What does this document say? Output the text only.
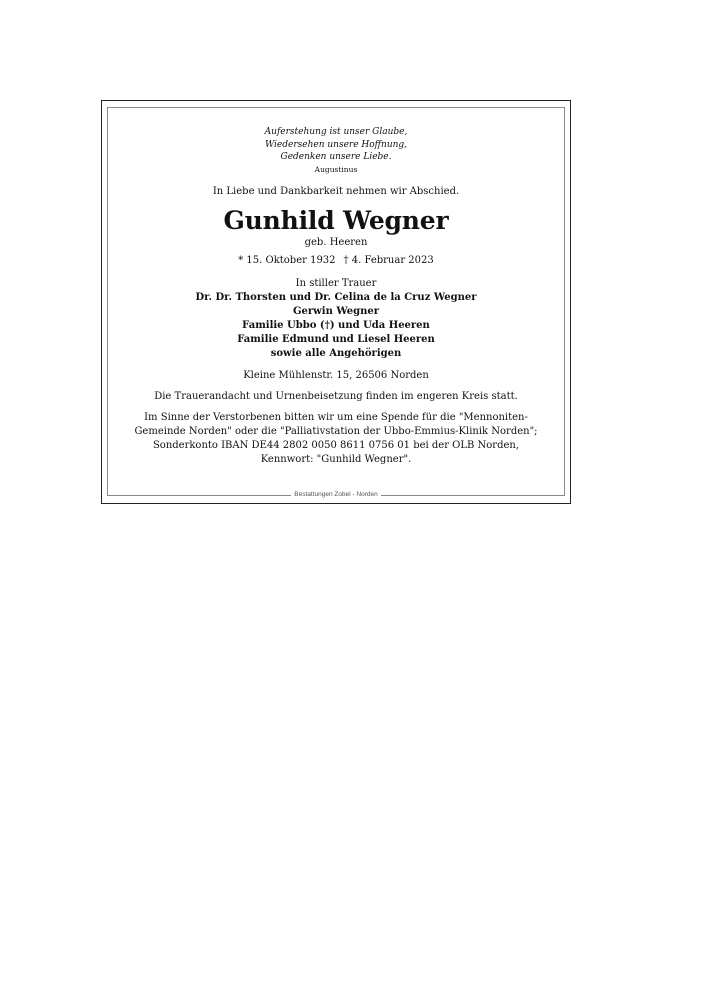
Auferstehung ist unser Glaube,
Wiedersehen unsere Hoffnung,
Gedenken unsere Liebe.
Augustinus
In Liebe und Dankbarkeit nehmen wir Abschied.
Gunhild Wegner
geb. Heeren
* 15. Oktober 1932 † 4. Februar 2023
In stiller Trauer
Dr. Dr. Thorsten und Dr. Celina de la Cruz Wegner
Gerwin Wegner
Familie Ubbo (†) und Uda Heeren
Familie Edmund und Liesel Heeren
sowie alle Angehörigen
Kleine Mühlenstr. 15, 26506 Norden
Die Trauerandacht und Urnenbeisetzung finden im engeren Kreis statt.
Im Sinne der Verstorbenen bitten wir um eine Spende für die "Mennoniten-
Gemeinde Norden" oder die "Palliativstation der Ubbo-Emmius-Klinik Norden";
Sonderkonto IBAN DE44 2802 0050 8611 0756 01 bei der OLB Norden,
Kennwort: "Gunhild Wegner".
Bestattungen Zobel - Norden
